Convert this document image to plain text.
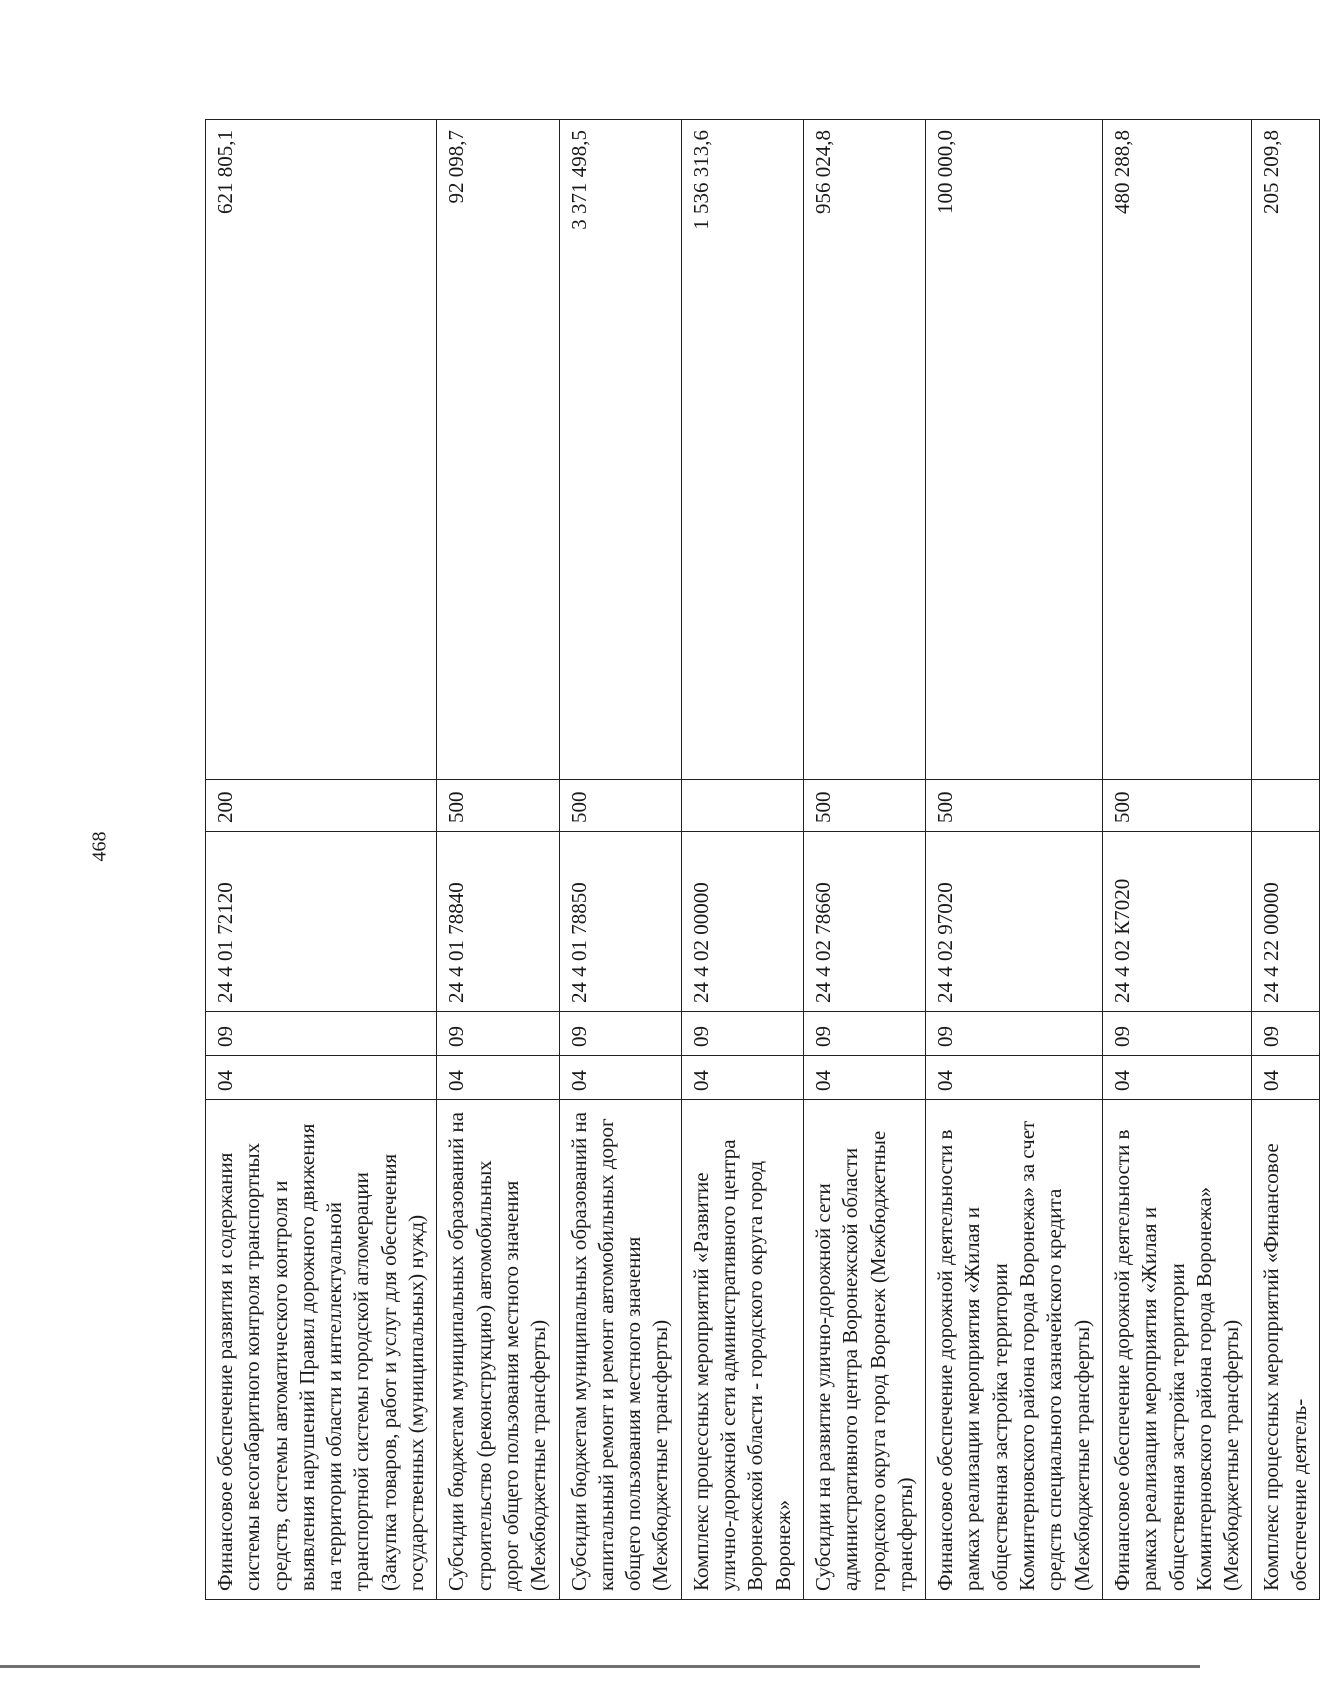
468
Финансовое обеспечение развития и содержания системы весогабаритного контроля транспортных средств, системы автоматического контроля и выявления нарушений Правил дорожного движения на территории области и интеллектуальной транспортной системы городской агломерации (Закупка товаров, работ и услуг для обеспечения государственных (муниципальных) нужд)	04	09	24 4 01 72120	200	621 805,1
Субсидии бюджетам муниципальных образований на строительство (реконструкцию) автомобильных дорог общего пользования местного значения (Межбюджетные трансферты)	04	09	24 4 01 78840	500	92 098,7
Субсидии бюджетам муниципальных образований на капитальный ремонт и ремонт автомобильных дорог общего пользования местного значения (Межбюджетные трансферты)	04	09	24 4 01 78850	500	3 371 498,5
Комплекс процессных мероприятий «Развитие улично-дорожной сети административного центра Воронежской области - городского округа город Воронеж»	04	09	24 4 02 00000		1 536 313,6
Субсидии на развитие улично-дорожной сети административного центра Воронежской области городского округа город Воронеж (Межбюджетные трансферты)	04	09	24 4 02 78660	500	956 024,8
Финансовое обеспечение дорожной деятельности в рамках реализации мероприятия «Жилая и общественная застройка территории Коминтерновского района города Воронежа» за счет средств специального казначейского кредита (Межбюджетные трансферты)	04	09	24 4 02 97020	500	100 000,0
Финансовое обеспечение дорожной деятельности в рамках реализации мероприятия «Жилая и общественная застройка территории Коминтерновского района города Воронежа» (Межбюджетные трансферты)	04	09	24 4 02 К7020	500	480 288,8
Комплекс процессных мероприятий «Финансовое обеспечение деятель-	04	09	24 4 22 00000		205 209,8
